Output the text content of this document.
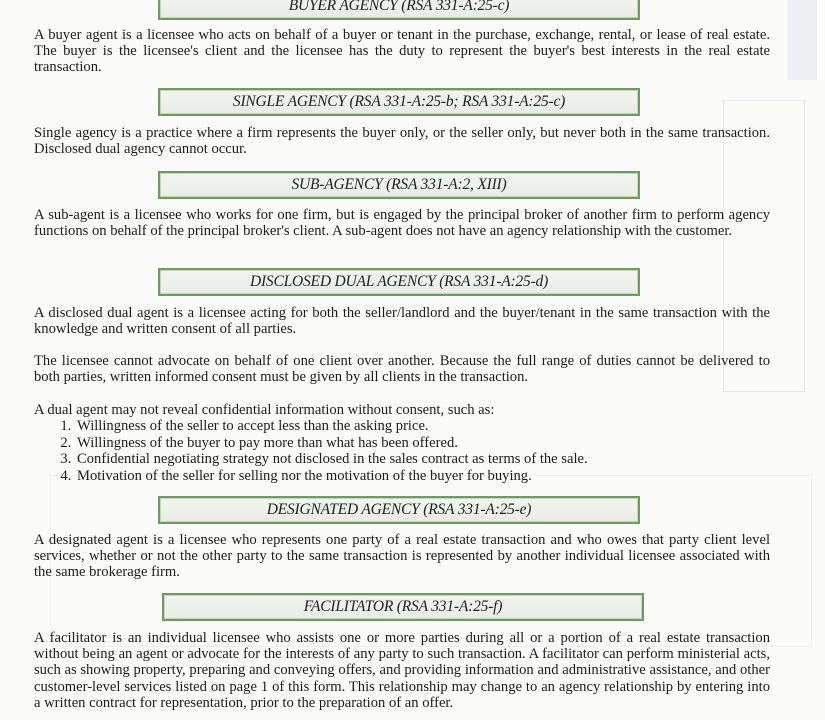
BUYER AGENCY (RSA 331-A:25-c)

A buyer agent is a licensee who acts on behalf of a buyer or tenant in the purchase, exchange, rental, or lease of real estate. The buyer is the licensee's client and the licensee has the duty to represent the buyer's best interests in the real estate transaction.

SINGLE AGENCY (RSA 331-A:25-b; RSA 331-A:25-c)

Single agency is a practice where a firm represents the buyer only, or the seller only, but never both in the same transaction. Disclosed dual agency cannot occur.

SUB-AGENCY (RSA 331-A:2, XIII)

A sub-agent is a licensee who works for one firm, but is engaged by the principal broker of another firm to perform agency functions on behalf of the principal broker's client. A sub-agent does not have an agency relationship with the customer.

DISCLOSED DUAL AGENCY (RSA 331-A:25-d)

A disclosed dual agent is a licensee acting for both the seller/landlord and the buyer/tenant in the same transaction with the knowledge and written consent of all parties.

The licensee cannot advocate on behalf of one client over another. Because the full range of duties cannot be delivered to both parties, written informed consent must be given by all clients in the transaction.

A dual agent may not reveal confidential information without consent, such as:

1. Willingness of the seller to accept less than the asking price.
2. Willingness of the buyer to pay more than what has been offered.
3. Confidential negotiating strategy not disclosed in the sales contract as terms of the sale.
4. Motivation of the seller for selling nor the motivation of the buyer for buying.
DESIGNATED AGENCY (RSA 331-A:25-e)

A designated agent is a licensee who represents one party of a real estate transaction and who owes that party client level services, whether or not the other party to the same transaction is represented by another individual licensee associated with the same brokerage firm.

FACILITATOR (RSA 331-A:25-f)

A facilitator is an individual licensee who assists one or more parties during all or a portion of a real estate transaction without being an agent or advocate for the interests of any party to such transaction. A facilitator can perform ministerial acts, such as showing property, preparing and conveying offers, and providing information and administrative assistance, and other customer-level services listed on page 1 of this form. This relationship may change to an agency relationship by entering into a written contract for representation, prior to the preparation of an offer.
